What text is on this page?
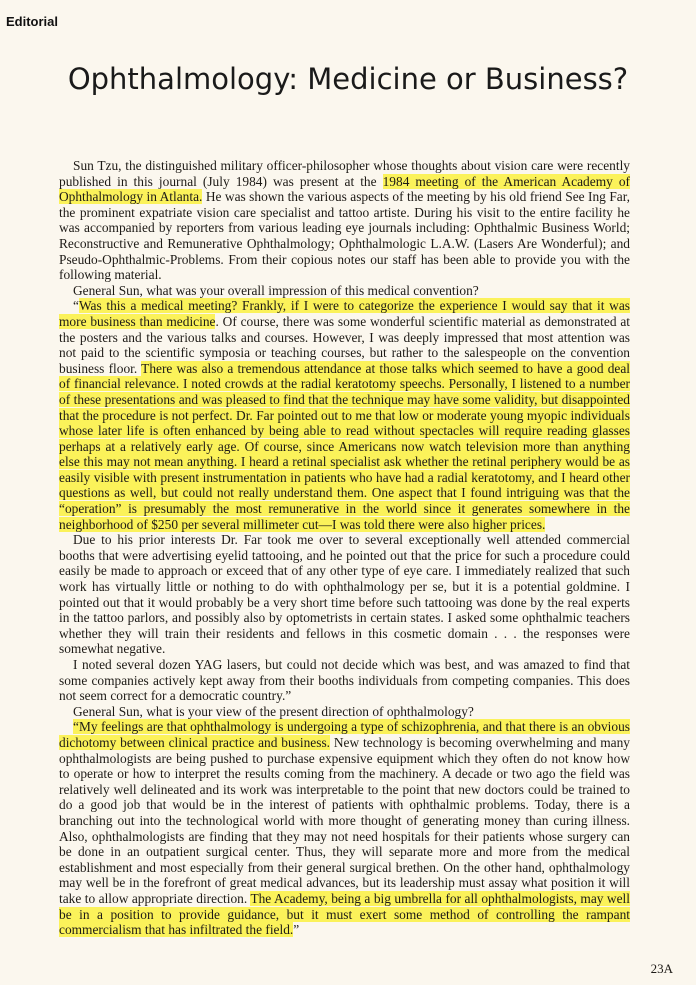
Editorial
Ophthalmology: Medicine or Business?

Sun Tzu, the distinguished military officer-philosopher whose thoughts about vision care were recently published in this journal (July 1984) was present at the 1984 meeting of the American Academy of Ophthalmology in Atlanta. He was shown the various aspects of the meeting by his old friend See Ing Far, the prominent expatriate vision care specialist and tattoo artiste. During his visit to the entire facility he was accompanied by reporters from various leading eye journals including: Ophthalmic Business World; Reconstructive and Remunerative Ophthalmology; Ophthalmologic L.A.W. (Lasers Are Wonderful); and Pseudo-Ophthalmic-Problems. From their copious notes our staff has been able to provide you with the following material.

General Sun, what was your overall impression of this medical convention?

“Was this a medical meeting? Frankly, if I were to categorize the experience I would say that it was more business than medicine. Of course, there was some wonderful scientific material as demonstrated at the posters and the various talks and courses. However, I was deeply impressed that most attention was not paid to the scientific symposia or teaching courses, but rather to the salespeople on the convention business floor. There was also a tremendous attendance at those talks which seemed to have a good deal of financial relevance. I noted crowds at the radial keratotomy speechs. Personally, I listened to a number of these presentations and was pleased to find that the technique may have some validity, but disappointed that the procedure is not perfect. Dr. Far pointed out to me that low or moderate young myopic individuals whose later life is often enhanced by being able to read without spectacles will require reading glasses perhaps at a relatively early age. Of course, since Americans now watch television more than anything else this may not mean anything. I heard a retinal specialist ask whether the retinal periphery would be as easily visible with present instrumentation in patients who have had a radial keratotomy, and I heard other questions as well, but could not really understand them. One aspect that I found intriguing was that the “operation” is presumably the most remunerative in the world since it generates somewhere in the neighborhood of $250 per several millimeter cut—I was told there were also higher prices.

Due to his prior interests Dr. Far took me over to several exceptionally well attended commercial booths that were advertising eyelid tattooing, and he pointed out that the price for such a procedure could easily be made to approach or exceed that of any other type of eye care. I immediately realized that such work has virtually little or nothing to do with ophthalmology per se, but it is a potential goldmine. I pointed out that it would probably be a very short time before such tattooing was done by the real experts in the tattoo parlors, and possibly also by optometrists in certain states. I asked some ophthalmic teachers whether they will train their residents and fellows in this cosmetic domain . . . the responses were somewhat negative.

I noted several dozen YAG lasers, but could not decide which was best, and was amazed to find that some companies actively kept away from their booths individuals from competing companies. This does not seem correct for a democratic country.”

General Sun, what is your view of the present direction of ophthalmology?

“My feelings are that ophthalmology is undergoing a type of schizophrenia, and that there is an obvious dichotomy between clinical practice and business. New technology is becoming overwhelming and many ophthalmologists are being pushed to purchase expensive equipment which they often do not know how to operate or how to interpret the results coming from the machinery. A decade or two ago the field was relatively well delineated and its work was interpretable to the point that new doctors could be trained to do a good job that would be in the interest of patients with ophthalmic problems. Today, there is a branching out into the technological world with more thought of generating money than curing illness. Also, ophthalmologists are finding that they may not need hospitals for their patients whose surgery can be done in an outpatient surgical center. Thus, they will separate more and more from the medical establishment and most especially from their general surgical brethen. On the other hand, ophthalmology may well be in the forefront of great medical advances, but its leadership must assay what position it will take to allow appropriate direction. The Academy, being a big umbrella for all ophthalmologists, may well be in a position to provide guidance, but it must exert some method of controlling the rampant commercialism that has infiltrated the field.”

23A
